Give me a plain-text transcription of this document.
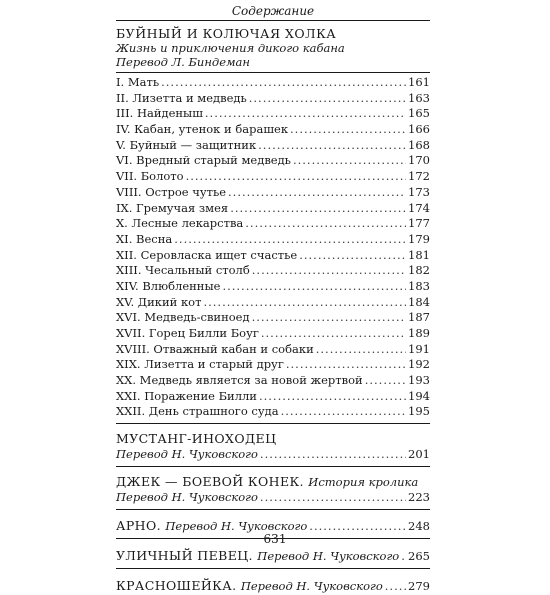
Содержание
БУЙНЫЙ И КОЛЮЧАЯ ХОЛКА
Жизнь и приключения дикого кабана
Перевод Л. Биндеман
I. Мать .....	161
II. Лизетта и медведь .....	163
III. Найденыш .....	165
IV. Кабан, утенок и барашек .....	166
V. Буйный — защитник .....	168
VI. Вредный старый медведь .....	170
VII. Болото .....	172
VIII. Острое чутье .....	173
IX. Гремучая змея .....	174
X. Лесные лекарства .....	177
XI. Весна .....	179
XII. Серовласка ищет счастье .....	181
XIII. Чесальный столб .....	182
XIV. Влюбленные .....	183
XV. Дикий кот .....	184
XVI. Медведь-свиноед .....	187
XVII. Горец Билли Боуг .....	189
XVIII. Отважный кабан и собаки .....	191
XIX. Лизетта и старый друг .....	192
XX. Медведь является за новой жертвой .....	193
XXI. Поражение Билли .....	194
XXII. День страшного суда .....	195
МУСТАНГ-ИНОХОДЕЦ
Перевод Н. Чуковского .....	201
ДЖЕК — БОЕВОЙ КОНЕК. История кролика
Перевод Н. Чуковского .....	223
АРНО. Перевод Н. Чуковского .....	248
УЛИЧНЫЙ ПЕВЕЦ. Перевод Н. Чуковского ..... 265
КРАСНОШЕЙКА. Перевод Н. Чуковского ..... 279
631
